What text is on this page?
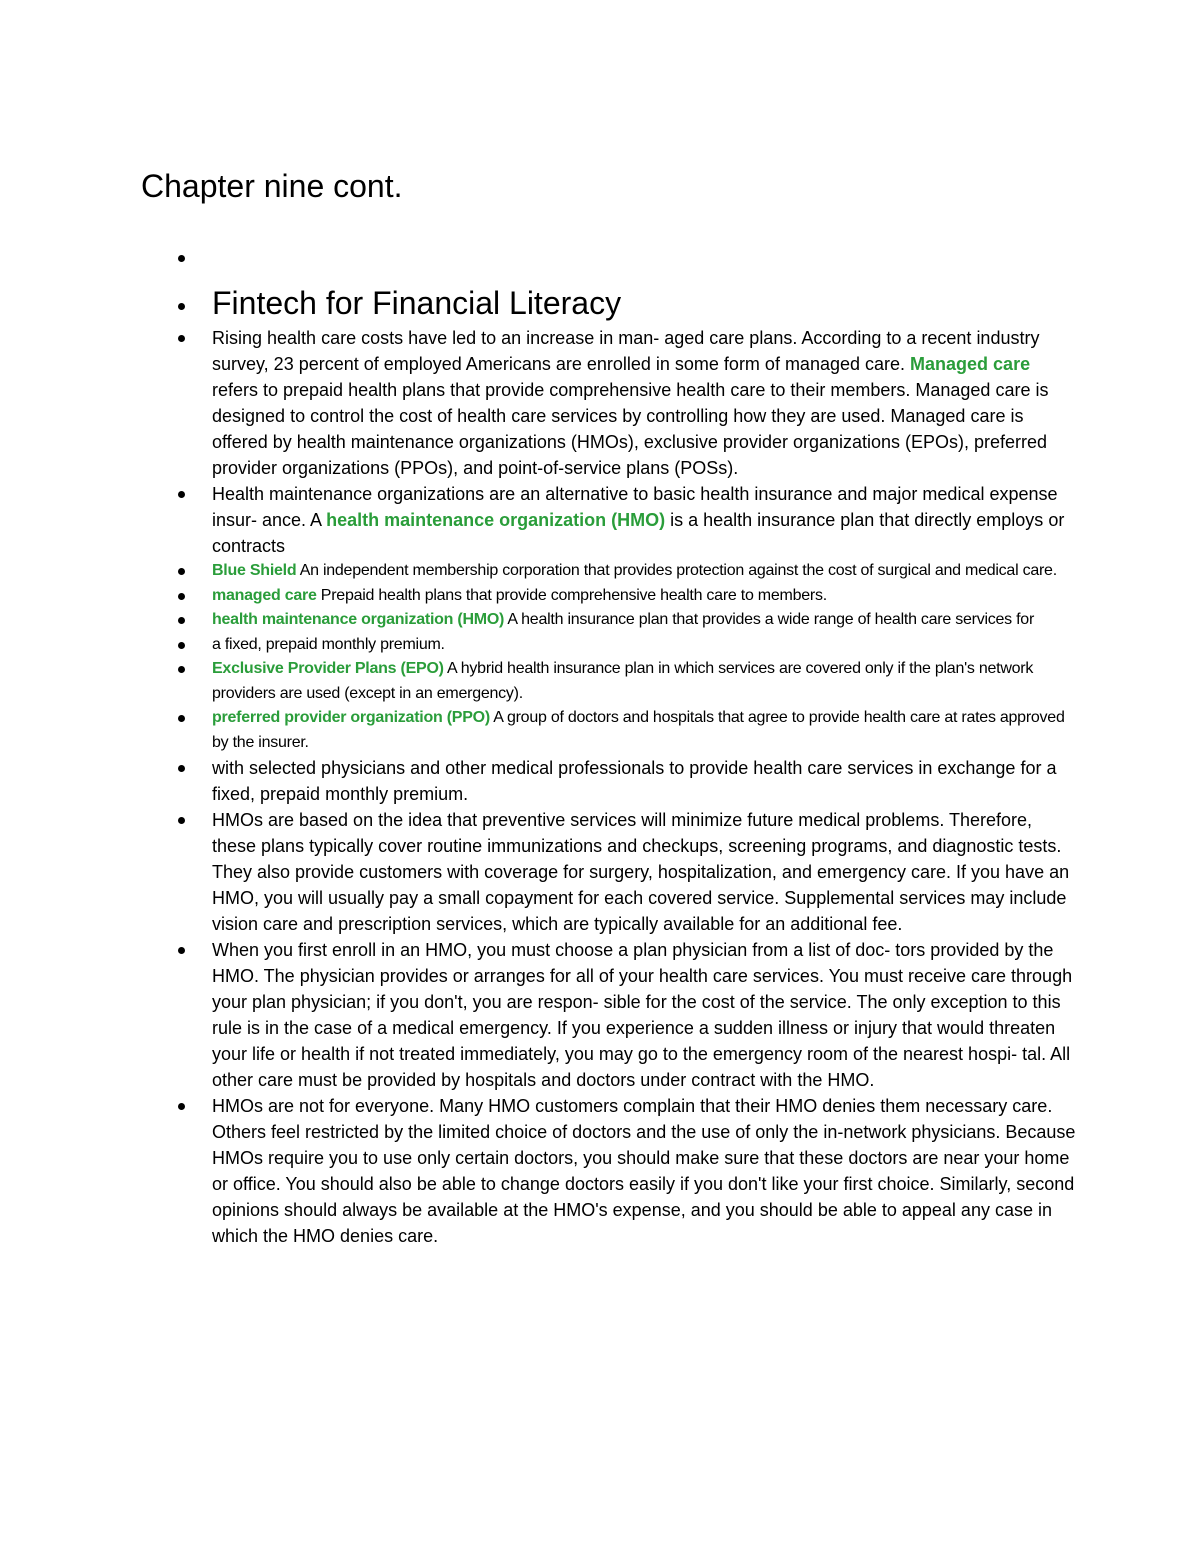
Chapter nine cont.
Fintech for Financial Literacy
Rising health care costs have led to an increase in man- aged care plans. According to a recent industry survey, 23 percent of employed Americans are enrolled in some form of managed care. Managed care refers to prepaid health plans that provide comprehensive health care to their members. Managed care is designed to control the cost of health care services by controlling how they are used. Managed care is offered by health maintenance organizations (HMOs), exclusive provider organizations (EPOs), preferred provider organizations (PPOs), and point-of-service plans (POSs).
Health maintenance organizations are an alternative to basic health insurance and major medical expense insur- ance. A health maintenance organization (HMO) is a health insurance plan that directly employs or contracts
Blue Shield An independent membership corporation that provides protection against the cost of surgical and medical care.
managed care Prepaid health plans that provide comprehensive health care to members.
health maintenance organization (HMO) A health insurance plan that provides a wide range of health care services for
a fixed, prepaid monthly premium.
Exclusive Provider Plans (EPO) A hybrid health insurance plan in which services are covered only if the plan's network providers are used (except in an emergency).
preferred provider organization (PPO) A group of doctors and hospitals that agree to provide health care at rates approved by the insurer.
with selected physicians and other medical professionals to provide health care services in exchange for a fixed, prepaid monthly premium.
HMOs are based on the idea that preventive services will minimize future medical problems. Therefore, these plans typically cover routine immunizations and checkups, screening programs, and diagnostic tests. They also provide customers with coverage for surgery, hospitalization, and emergency care. If you have an HMO, you will usually pay a small copayment for each covered service. Supplemental services may include vision care and prescription services, which are typically available for an additional fee.
When you first enroll in an HMO, you must choose a plan physician from a list of doc- tors provided by the HMO. The physician provides or arranges for all of your health care services. You must receive care through your plan physician; if you don't, you are respon- sible for the cost of the service. The only exception to this rule is in the case of a medical emergency. If you experience a sudden illness or injury that would threaten your life or health if not treated immediately, you may go to the emergency room of the nearest hospi- tal. All other care must be provided by hospitals and doctors under contract with the HMO.
HMOs are not for everyone. Many HMO customers complain that their HMO denies them necessary care. Others feel restricted by the limited choice of doctors and the use of only the in-network physicians. Because HMOs require you to use only certain doctors, you should make sure that these doctors are near your home or office. You should also be able to change doctors easily if you don't like your first choice. Similarly, second opinions should always be available at the HMO's expense, and you should be able to appeal any case in which the HMO denies care.
